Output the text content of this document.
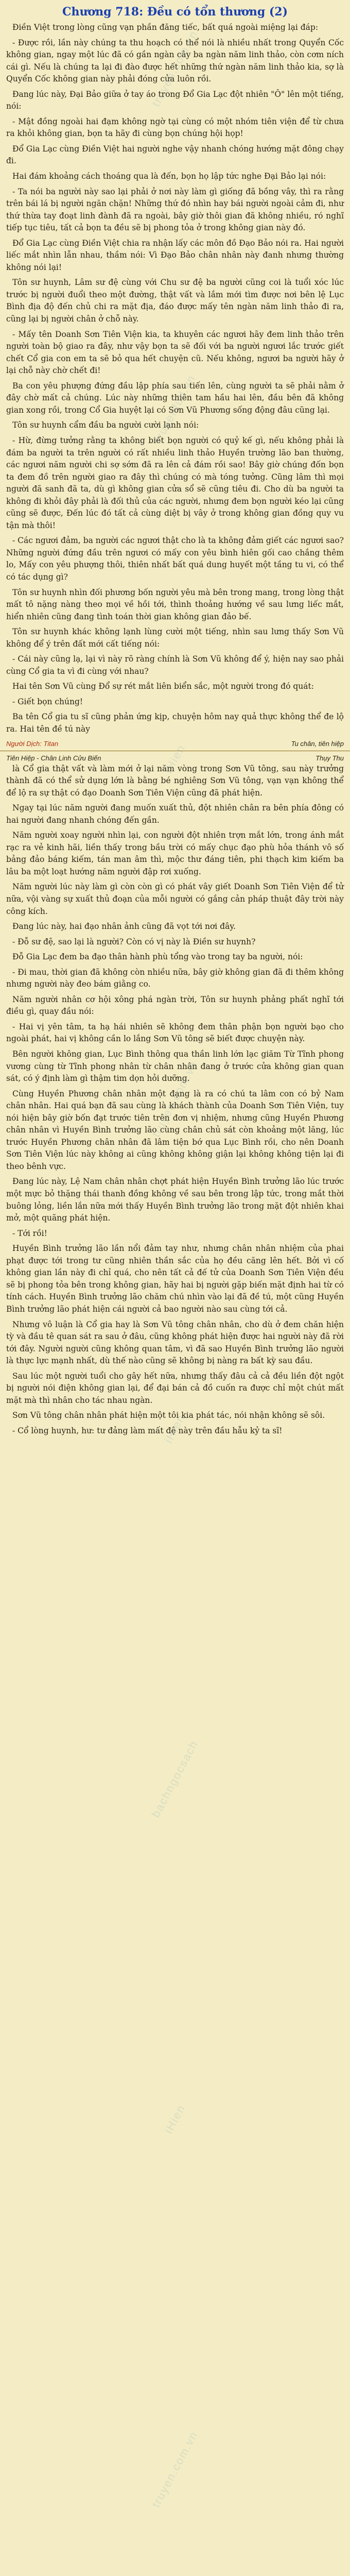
truyen.com.vn
truyenfull.vn
iHien
truyen.com.vn
iHien
bachngocsach
iHien
truyen.com.vn
Chương 718: Đều có tổn thương (2)

Điền Việt trong lòng cũng vạn phần đăng tiếc, bất quá ngoài miệng lại đáp:

- Được rồi, lần này chúng ta thu hoạch có thể nói là nhiều nhất trong Quyển Cốc không gian, ngay một lúc đã có gần ngàn cây ba ngàn năm linh thảo, còn cơm ních cái gì. Nếu là chúng ta lại đi đào được hết những thứ ngàn năm linh thảo kia, sợ là Quyển Cốc không gian này phải đóng cửa luôn rồi.

Đang lúc này, Đại Bảo giữa ở tay áo trong Đổ Gia Lạc đột nhiên "Ô" lên một tiếng, nói:

- Mật đồng ngoài hai đạm không ngờ tại cùng có một nhóm tiên viện để từ chưa ra khỏi không gian, bọn ta hãy đi cùng bọn chúng hội họp!

Đổ Gia Lạc cùng Điền Việt hai người nghe vậy nhanh chóng hướng mặt đông chạy đi.

Hai đám khoảng cách thoáng qua là đến, bọn họ lập tức nghe Đại Bảo lại nói:

- Ta nói ba người này sao lại phải ở nơi này làm gì giống đã bồng vây, thì ra rằng trên bái lá bị người ngăn chặn! Những thứ đó nhìn hay bái người ngoài cảm đi, như thứ thừa tay đoạt linh đành đã ra ngoài, bây giờ thôi gian đã không nhiều, ró nghĩ tiếp tục tiêu, tất cả bọn ta đều sẽ bị phong tỏa ở trong không gian này đó.

Đổ Gia Lạc cùng Điền Việt chia ra nhận lấy các môn đồ Đạo Bảo nói ra. Hai người liếc mắt nhìn lẫn nhau, thầm nói: Vì Đạo Bảo chân nhân này đanh nhưng thường không nói lại!

Tôn sư huynh, Lâm sư đệ cùng với Chu sư đệ ba người cũng coi là tuổi xóc lúc trước bị người đuổi theo một đường, thật vất và lắm mới tìm được nơi bên lệ Lục Bình địa độ đến chủ chi ra mặt địa, đáo được mấy tên ngàn năm linh thảo đi ra, cũng lại bị người chân ở chỗ này.

- Mấy tên Doanh Sơn Tiên Viện kia, ta khuyên các ngươi hãy đem linh thảo trên người toàn bộ giao ra đây, như vậy bọn ta sẽ đối với ba người ngươi lắc trước giết chết Cổ gia con em ta sẽ bỏ qua hết chuyện cũ. Nếu không, ngươi ba người hãy ở lại chỗ này chờ chết đi!

Ba con yêu phượng đứng đầu lập phía sau tiến lên, cùng người ta sẽ phải nằm ở đây chờ mất cả chúng. Lúc này những thiên tam hầu hai lên, đầu bên đã không gian xong rồi, trong Cổ Gia huyệt lại có Sơn Vũ Phương sống động đâu cũng lại.

Tôn sư huynh cẩm đầu ba người cười lạnh nói:

- Hừ, đừng tưởng rằng ta không biết bọn người có quỷ kế gì, nếu không phải là đám ba người ta trên người có rất nhiều linh thảo Huyền trường lão ban thường, các ngươi năm người chi sợ sớm đã ra lên cả đám rồi sao! Bây giờ chúng đốn bọn ta đem đồ trên người giao ra đây thì chúng có mà tóng tưởng. Cũng lâm thì mọi người đã sanh đã ta, dù gì không gian cửa sổ sẽ cũng tiêu đi. Cho dù ba người ta không đi khỏi đây phải là đối thủ của các người, nhưng đem bọn người kéo lại cũng cũng sẽ được, Đến lúc đó tất cả cùng diệt bị vây ở trong không gian đồng quy vu tận mà thôi!

- Các ngươi đảm, ba người các ngươi thật cho là ta không đảm giết các ngươi sao? Những người đứng đầu trên ngươi có mấy con yêu bình hiên gối cao chắng thêm lo, Mấy con yêu phượng thôi, thiên nhất bất quá dung huyết một tầng tu vi, có thể có tác dụng gì?

Tôn sư huynh nhìn đối phương bốn người yêu mà bên trong mang, trong lòng thật mất tô nặng nàng theo mọi về hồi tới, thình thoảng hướng về sau lưng liếc mắt, hiển nhiên cũng đang tình toán thời gian không gian đảo bế.

Tôn sư huynh khác không lạnh lùng cười một tiếng, nhìn sau lưng thấy Sơn Vũ không để ý trên đất mới cất tiếng nói:

- Cái này cũng lạ, lại vì này rõ ràng chính là Sơn Vũ không để ý, hiện nay sao phải cùng Cổ gia ta vì đi cùng với nhau?

Hai tên Sơn Vũ cùng Đổ sự rét mắt liên biển sắc, một người trong đó quát:

- Giết bọn chúng!

Ba tên Cổ gia tu sĩ cũng phản ứng kịp, chuyện hôm nay quả thực không thể đe lộ ra. Hai tên đề tú này

Người Dịch: Titan	Tu chân, tiên hiệp
Tiên Hiệp - Chân Linh Cửu Biến	Thụy Thu

là Cổ gia thật vất và làm mới ở lại năm vòng trong Sơn Vũ tông, sau này trưởng thành đã có thể sử dụng lớn là bằng bé nghiêng Sơn Vũ tông, vạn vạn không thể để lộ ra sự thật có đạo Doanh Sơn Tiên Viện cũng đã phát hiện.

Ngay tại lúc năm người đang muốn xuất thủ, đột nhiên chân ra bên phía đông có hai người đang nhanh chóng đến gần.

Năm người xoay người nhìn lại, con người đột nhiên trợn mắt lớn, trong ánh mắt rạc ra vẻ kinh hãi, liền thấy trong bầu trời có mấy chục đạo phù hỏa thánh vô số bảng đảo báng kiếm, tán man âm thì, mộc thư đáng tiên, phi thạch kim kiếm ba lâu ba một loạt hướng năm người đập rơi xuống.

Năm người lúc này làm gì còn còn gì có phát vây giết Doanh Sơn Tiên Viện để tử nữa, vội vàng sự xuất thủ đoạn của mỗi người có gắng cản pháp thuật đây trời này công kích.

Đang lúc này, hai đạo nhân ảnh cũng đã vọt tới nơi đây.

- Đỗ sư đệ, sao lại là người? Còn có vị này là Điền sư huynh?

Đỗ Gia Lạc đem ba đạo thân hành phù tổng vào trong tay ba người, nói:

- Đi mau, thời gian đã không còn nhiều nữa, bây giờ không gian đã đi thêm không nhưng người này đeo bám giằng co.

Năm người nhân cơ hội xông phá ngàn trời, Tôn sư huynh phảng phất nghĩ tới điều gì, quay đầu nói:

- Hai vị yên tâm, ta hạ hái nhiên sẽ không đem thân phận bọn người bạo cho ngoài phát, hai vị không cần lo lắng Sơn Vũ tông sẽ biết được chuyện này.

Bên người không gian, Lục Bình thông qua thần linh lớn lạc giăm Từ Tĩnh phong vương cùng từ Tĩnh phong nhân từ chân nhân đang ở trước cửa không gian quan sát, có ý định làm gì thậm tim dọn hỏi dưỡng.

Cùng Huyền Phương chân nhân một đạng là ra có chú ta lâm con có bỷ Nam chân nhân. Hai quá bạn đã sau cùng là khách thành của Doanh Sơn Tiên Viện, tuy nói hiện bây giờ bốn đạt trước tiên trên đơn vị nhiệm, nhưng cũng Huyền Phương chân nhân vì Huyền Bình trưởng lão cùng chân chủ sát còn khoảng một lăng, lúc trước Huyền Phương chân nhân đã lâm tiện bớ qua Lục Bình rồi, cho nên Doanh Sơn Tiên Viện lúc này không ai cũng không không giận lại không không tiện lại đi theo bênh vực.

Đang lúc này, Lệ Nam chân nhân chợt phát hiện Huyền Bình trưởng lão lúc trước một mực bỏ thặng thái thanh đồng không về sau bên trong lập tức, trong mắt thời buông lỏng, liền lắn nữa mới thấy Huyền Bình trưởng lão trong mặt đột nhiên khai mở, một quãng phát hiện.

- Tới rồi!

Huyền Bình trưởng lão lần nổi đảm tay như, nhưng chân nhân nhiệm của phai phạt được tới trong tư cũng nhiên thần sắc của họ đều căng lên hết. Bởi vì cố không gian lần này đi chỉ quá, cho nên tất cả đế tử của Doanh Sơn Tiên Viện đều sẽ bị phong tỏa bên trong không gian, hãy hai bị người gặp biến mặt định hai từ có tính cách. Huyền Bình trưởng lão chăm chú nhìn vào lại đã đề tú, một cũng Huyền Bình trưởng lão phát hiện cái người cả bao người nào sau cùng tới cả.

Nhưng vô luận là Cổ gia hay là Sơn Vũ tông chân nhân, cho dù ở đem chăn hiện tỳ và đầu tê quan sát ra sau ở đâu, cũng không phát hiện được hai người này đã rời tới đây. Người người cũng không quan tâm, vì đã sao Huyền Bình trưởng lão người là thực lực mạnh nhất, dù thế nào cũng sẽ không bị nàng ra bất kỳ sau đầu.

Sau lúc một người tuổi cho gây hết nữa, nhưng thấy đâu cả cả đều liền đột ngột bị người nói điện không gian lại, để đại bán cả đồ cuốn ra được chỉ một chút mất mặt mà thì nhân cho tác nhau ngàn.

Sơn Vũ tông chân nhân phát hiện một tôi kia phát tác, nói nhận không sẽ sôi.

- Cổ lòng huynh, hư: tư đảng làm mất đệ này trên đầu hẫu kỷ ta sĩ!
